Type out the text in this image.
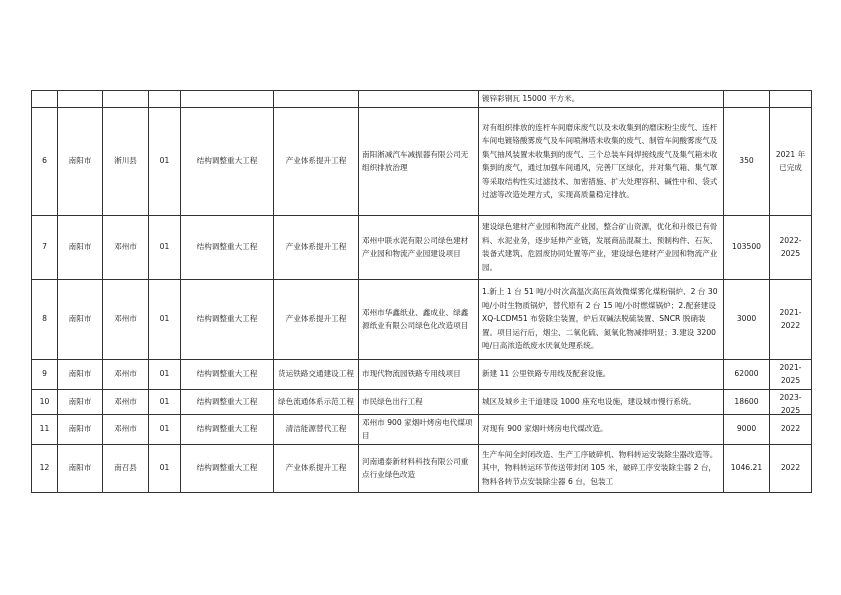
							镀锌彩钢瓦 15000 平方米。		

6	南阳市	淅川县	01	结构调整重大工程	产业体系提升工程	南阳淅减汽车减振器有限公司无组织排放治理	对有组织排放的连杆车间磨床废气以及未收集到的磨床粉尘废气、连杆车间电镀铬酸雾废气及车间喷淋塔未收集的废气、制管车间酸雾废气及集气抽风装置未收集到的废气、三个总装车间焊接线废气及集气箱未收集到的废气，通过加强车间通风，完善厂区绿化，并对集气箱、集气罩等采取结构性实过滤技术、加密措施、扩大处理容积、碱性中和、袋式过滤等改造处理方式，实现高质量稳定排放。	350	2021 年已完成

7	南阳市	邓州市	01	结构调整重大工程	产业体系提升工程	邓州中联水泥有限公司绿色建材产业园和物流产业园建设项目	建设绿色建材产业园和物流产业园，整合矿山资源，优化和升级已有骨料、水泥业务，逐步延伸产业链，发展商品混凝土、预制构件、石灰、装备式建筑、危固废协同处置等产业，建设绿色建材产业园和物流产业园。	103500	2022-2025

8	南阳市	邓州市	01	结构调整重大工程	产业体系提升工程	邓州市华鑫纸业、鑫成业、绿鑫源纸业有限公司绿色化改造项目	1.新上 1 台 51 吨/小时次高温次高压高效微煤雾化煤粉锅炉、2 台 30 吨/小时生物质锅炉，替代原有 2 台 15 吨/小时燃煤锅炉；2.配套建设 XQ-LCDM51 布袋除尘装置，炉后双碱法脱硫装置、SNCR 脱硝装置。项目运行后，烟尘、二氧化硫、氮氧化物减排明显；3.建设 3200 吨/日高浓造纸废水厌氧处理系统。	3000	2021-2022

9	南阳市	邓州市	01	结构调整重大工程	货运铁路交通建设工程	市现代物流园铁路专用线项目	新建 11 公里铁路专用线及配套设施。	62000	2021-2025

10	南阳市	邓州市	01	结构调整重大工程	绿色流通体系示范工程	市民绿色出行工程	城区及城乡主干道建设 1000 座充电设施，建设城市慢行系统。	18600	2023-2025

11	南阳市	邓州市	01	结构调整重大工程	清洁能源替代工程	邓州市 900 家烟叶烤房电代煤项目	对现有 900 家烟叶烤房电代煤改造。	9000	2022

12	南阳市	南召县	01	结构调整重大工程	产业体系提升工程	河南通泰新材料科技有限公司重点行业绿色改造	生产车间全封闭改造、生产工序破碎机、物料转运安装除尘器改造等。其中，物料转运环节传送带封闭 105 米，破碎工序安装除尘器 2 台，物料各转节点安装除尘器 6 台，包装工	1046.21	2022
